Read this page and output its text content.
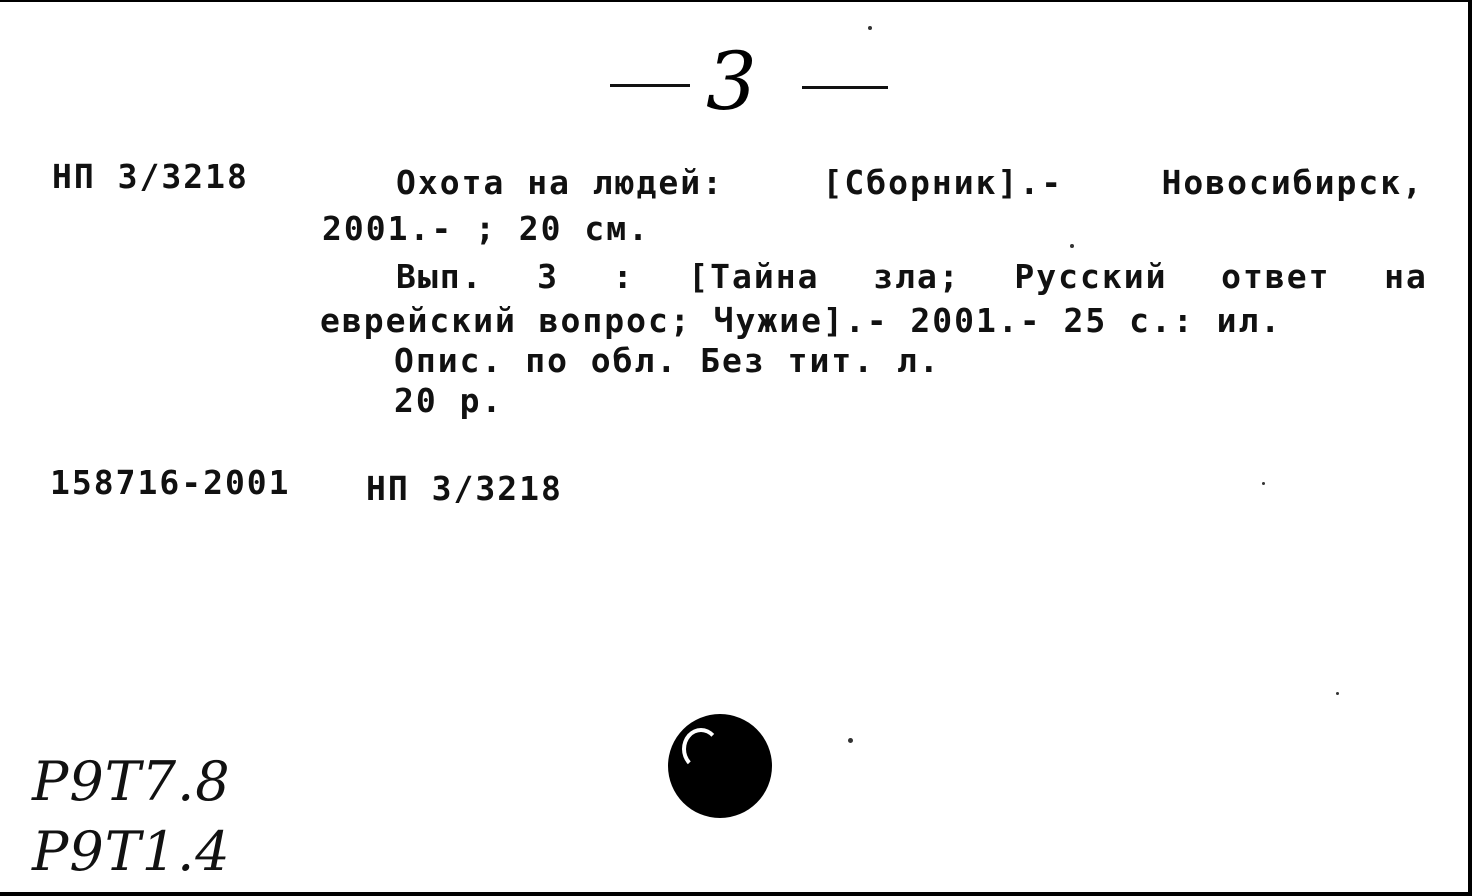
3
НП 3/3218	Охота на людей:	[Сборник].-	Новосибирск,
2001.- ; 20 см.
Вып. 3 : [Тайна зла; Русский ответ на
еврейский вопрос; Чужие].- 2001.- 25 с.: ил.
Опис. по обл. Без тит. л.
20 р.
158716-2001 НП 3/3218
Р9Т7.8
Р9Т1.4
